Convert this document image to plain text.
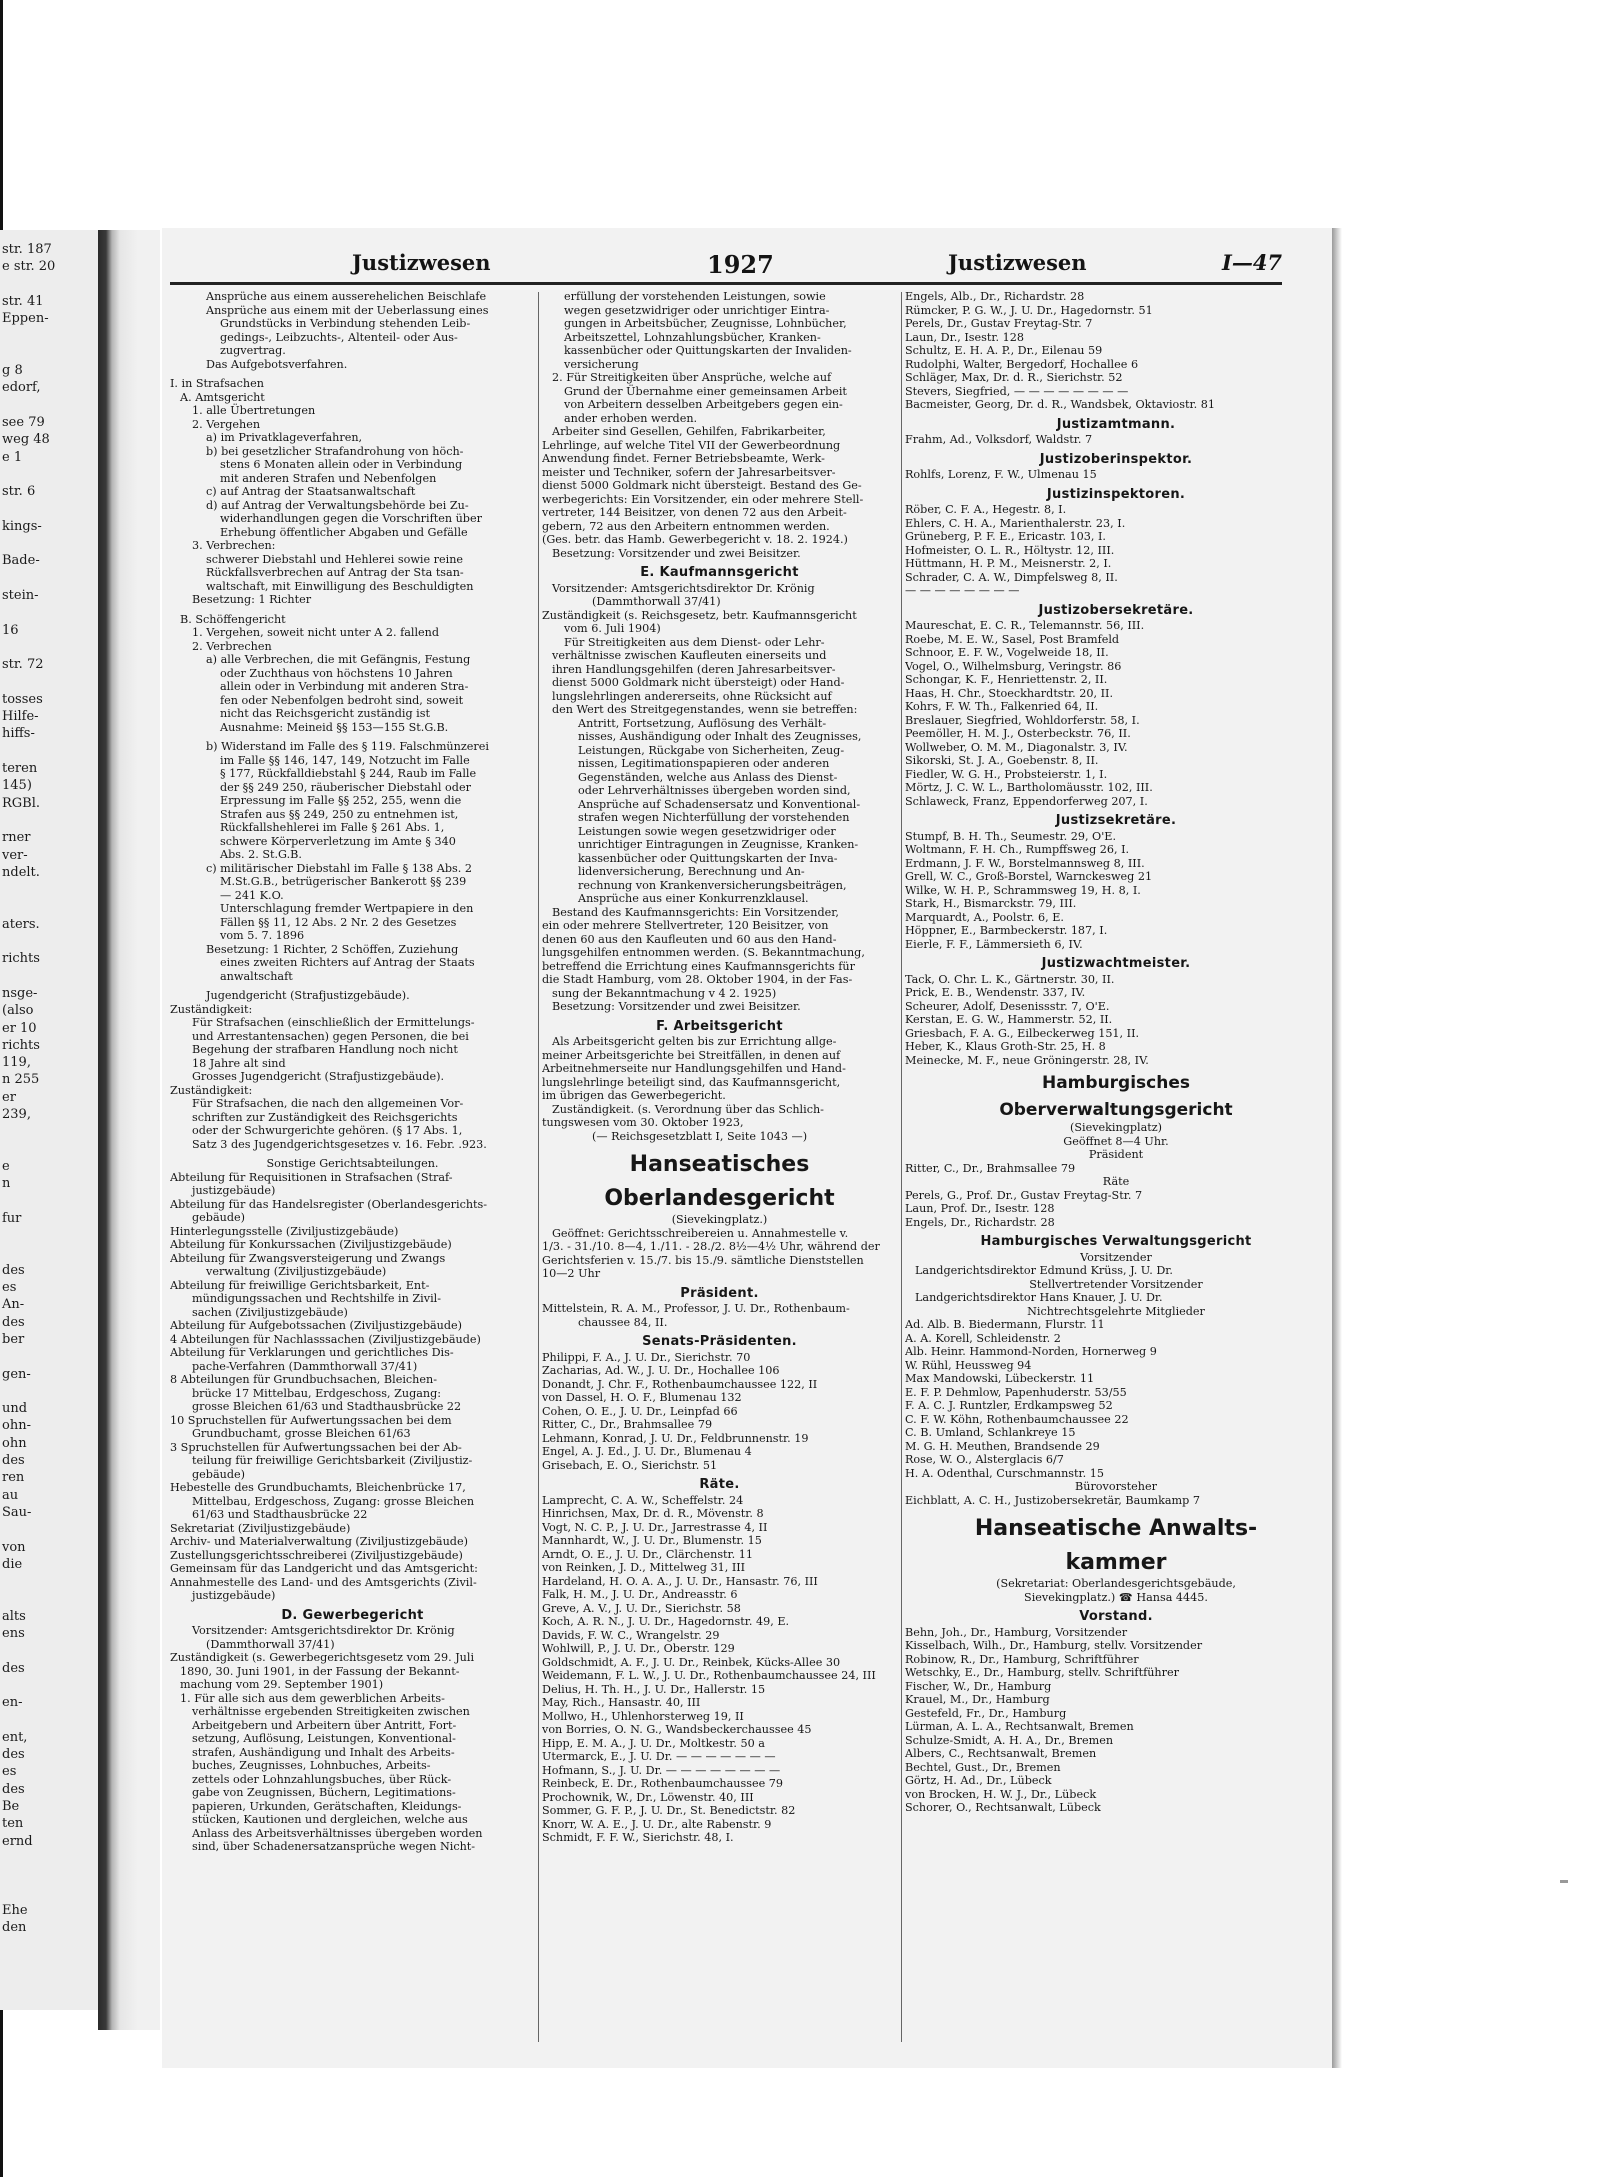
str. 187
e str. 20
str. 41
Eppen-
g 8
edorf,
see 79
weg 48
e 1
str. 6
kings-
Bade-
stein-
16
str. 72
tosses
Hilfe-
hiffs-
teren
145)
RGBl.
rner
ver-
ndelt.
aters.
richts
nsge-
(also
er 10
richts
119,
n 255
er
239,
e
n
fur
des
es
An-
des
ber
gen-
und
ohn-
ohn
des
ren
au
Sau-
von
die
alts
ens
des
en-
ent,
des
es
des
Be
ten
ernd
Ehe
den
Justizwesen	1927	Justizwesen	I—47
Ansprüche aus einem ausserehelichen Beischlafe
Ansprüche aus einem mit der Ueberlassung eines
Grundstücks in Verbindung stehenden Leib-
gedings-, Leibzuchts-, Altenteil- oder Aus-
zugvertrag.
Das Aufgebotsverfahren.
I. in Strafsachen
A. Amtsgericht
1. alle Übertretungen
2. Vergehen
a) im Privatklageverfahren,
b) bei gesetzlicher Strafandrohung von höch-
stens 6 Monaten allein oder in Verbindung
mit anderen Strafen und Nebenfolgen
c) auf Antrag der Staatsanwaltschaft
d) auf Antrag der Verwaltungsbehörde bei Zu-
widerhandlungen gegen die Vorschriften über
Erhebung öffentlicher Abgaben und Gefälle
3. Verbrechen:
schwerer Diebstahl und Hehlerei sowie reine
Rückfallsverbrechen auf Antrag der Sta tsan-
waltschaft, mit Einwilligung des Beschuldigten
Besetzung: 1 Richter
B. Schöffengericht
1. Vergehen, soweit nicht unter A 2. fallend
2. Verbrechen
a) alle Verbrechen, die mit Gefängnis, Festung
oder Zuchthaus von höchstens 10 Jahren
allein oder in Verbindung mit anderen Stra-
fen oder Nebenfolgen bedroht sind, soweit
nicht das Reichsgericht zuständig ist
Ausnahme: Meineid §§ 153—155 St.G.B.
b) Widerstand im Falle des § 119. Falschmünzerei
im Falle §§ 146, 147, 149, Notzucht im Falle
§ 177, Rückfalldiebstahl § 244, Raub im Falle
der §§ 249 250, räuberischer Diebstahl oder
Erpressung im Falle §§ 252, 255, wenn die
Strafen aus §§ 249, 250 zu entnehmen ist,
Rückfallshehlerei im Falle § 261 Abs. 1,
schwere Körperverletzung im Amte § 340
Abs. 2. St.G.B.
c) militärischer Diebstahl im Falle § 138 Abs. 2
M.St.G.B., betrügerischer Bankerott §§ 239
— 241 K.O.
Unterschlagung fremder Wertpapiere in den
Fällen §§ 11, 12 Abs. 2 Nr. 2 des Gesetzes
vom 5. 7. 1896
Besetzung: 1 Richter, 2 Schöffen, Zuziehung
eines zweiten Richters auf Antrag der Staats
anwaltschaft
Jugendgericht (Strafjustizgebäude).
Zuständigkeit:
Für Strafsachen (einschließlich der Ermittelungs-
und Arrestantensachen) gegen Personen, die bei
Begehung der strafbaren Handlung noch nicht
18 Jahre alt sind
Grosses Jugendgericht (Strafjustizgebäude).
Zuständigkeit:
Für Strafsachen, die nach den allgemeinen Vor-
schriften zur Zuständigkeit des Reichsgerichts
oder der Schwurgerichte gehören. (§ 17 Abs. 1,
Satz 3 des Jugendgerichtsgesetzes v. 16. Febr. .923.
Sonstige Gerichtsabteilungen.
Abteilung für Requisitionen in Strafsachen (Straf-
justizgebäude)
Abteilung für das Handelsregister (Oberlandesgerichts-
gebäude)
Hinterlegungsstelle (Ziviljustizgebäude)
Abteilung für Konkurssachen (Ziviljustizgebäude)
Abteilung für Zwangsversteigerung und Zwangs
verwaltung (Ziviljustizgebäude)
Abteilung für freiwillige Gerichtsbarkeit, Ent-
mündigungssachen und Rechtshilfe in Zivil-
sachen (Ziviljustizgebäude)
Abteilung für Aufgebotssachen (Ziviljustizgebäude)
4 Abteilungen für Nachlasssachen (Ziviljustizgebäude)
Abteilung für Verklarungen und gerichtliches Dis-
pache-Verfahren (Dammthorwall 37/41)
8 Abteilungen für Grundbuchsachen, Bleichen-
brücke 17 Mittelbau, Erdgeschoss, Zugang:
grosse Bleichen 61/63 und Stadthausbrücke 22
10 Spruchstellen für Aufwertungssachen bei dem
Grundbuchamt, grosse Bleichen 61/63
3 Spruchstellen für Aufwertungssachen bei der Ab-
teilung für freiwillige Gerichtsbarkeit (Ziviljustiz-
gebäude)
Hebestelle des Grundbuchamts, Bleichenbrücke 17,
Mittelbau, Erdgeschoss, Zugang: grosse Bleichen
61/63 und Stadthausbrücke 22
Sekretariat (Ziviljustizgebäude)
Archiv- und Materialverwaltung (Ziviljustizgebäude)
Zustellungsgerichtsschreiberei (Ziviljustizgebäude)
Gemeinsam für das Landgericht und das Amtsgericht:
Annahmestelle des Land- und des Amtsgerichts (Zivil-
justizgebäude)
D. Gewerbegericht
Vorsitzender: Amtsgerichtsdirektor Dr. Krönig
(Dammthorwall 37/41)
Zuständigkeit (s. Gewerbegerichtsgesetz vom 29. Juli
1890, 30. Juni 1901, in der Fassung der Bekannt-
machung vom 29. September 1901)
1. Für alle sich aus dem gewerblichen Arbeits-
verhältnisse ergebenden Streitigkeiten zwischen
Arbeitgebern und Arbeitern über Antritt, Fort-
setzung, Auflösung, Leistungen, Konventional-
strafen, Aushändigung und Inhalt des Arbeits-
buches, Zeugnisses, Lohnbuches, Arbeits-
zettels oder Lohnzahlungsbuches, über Rück-
gabe von Zeugnissen, Büchern, Legitimations-
papieren, Urkunden, Gerätschaften, Kleidungs-
stücken, Kautionen und dergleichen, welche aus
Anlass des Arbeitsverhältnisses übergeben worden
sind, über Schadenersatzansprüche wegen Nicht-
erfüllung der vorstehenden Leistungen, sowie
wegen gesetzwidriger oder unrichtiger Eintra-
gungen in Arbeitsbücher, Zeugnisse, Lohnbücher,
Arbeitszettel, Lohnzahlungsbücher, Kranken-
kassenbücher oder Quittungskarten der Invaliden-
versicherung
2. Für Streitigkeiten über Ansprüche, welche auf
Grund der Übernahme einer gemeinsamen Arbeit
von Arbeitern desselben Arbeitgebers gegen ein-
ander erhoben werden.
Arbeiter sind Gesellen, Gehilfen, Fabrikarbeiter,
Lehrlinge, auf welche Titel VII der Gewerbeordnung
Anwendung findet. Ferner Betriebsbeamte, Werk-
meister und Techniker, sofern der Jahresarbeitsver-
dienst 5000 Goldmark nicht übersteigt. Bestand des Ge-
werbegerichts: Ein Vorsitzender, ein oder mehrere Stell-
vertreter, 144 Beisitzer, von denen 72 aus den Arbeit-
gebern, 72 aus den Arbeitern entnommen werden.
(Ges. betr. das Hamb. Gewerbegericht v. 18. 2. 1924.)
Besetzung: Vorsitzender und zwei Beisitzer.
E. Kaufmannsgericht
Vorsitzender: Amtsgerichtsdirektor Dr. Krönig
(Dammthorwall 37/41)
Zuständigkeit (s. Reichsgesetz, betr. Kaufmannsgericht
vom 6. Juli 1904)
Für Streitigkeiten aus dem Dienst- oder Lehr-
verhältnisse zwischen Kaufleuten einerseits und
ihren Handlungsgehilfen (deren Jahresarbeitsver-
dienst 5000 Goldmark nicht übersteigt) oder Hand-
lungslehrlingen andererseits, ohne Rücksicht auf
den Wert des Streitgegenstandes, wenn sie betreffen:
Antritt, Fortsetzung, Auflösung des Verhält-
nisses, Aushändigung oder Inhalt des Zeugnisses,
Leistungen, Rückgabe von Sicherheiten, Zeug-
nissen, Legitimationspapieren oder anderen
Gegenständen, welche aus Anlass des Dienst-
oder Lehrverhältnisses übergeben worden sind,
Ansprüche auf Schadensersatz und Konventional-
strafen wegen Nichterfüllung der vorstehenden
Leistungen sowie wegen gesetzwidriger oder
unrichtiger Eintragungen in Zeugnisse, Kranken-
kassenbücher oder Quittungskarten der Inva-
lidenversicherung, Berechnung und An-
rechnung von Krankenversicherungsbeiträgen,
Ansprüche aus einer Konkurrenzklausel.
Bestand des Kaufmannsgerichts: Ein Vorsitzender,
ein oder mehrere Stellvertreter, 120 Beisitzer, von
denen 60 aus den Kaufleuten und 60 aus den Hand-
lungsgehilfen entnommen werden. (S. Bekanntmachung,
betreffend die Errichtung eines Kaufmannsgerichts für
die Stadt Hamburg, vom 28. Oktober 1904, in der Fas-
sung der Bekanntmachung v 4 2. 1925)
Besetzung: Vorsitzender und zwei Beisitzer.
F. Arbeitsgericht
Als Arbeitsgericht gelten bis zur Errichtung allge-
meiner Arbeitsgerichte bei Streitfällen, in denen auf
Arbeitnehmerseite nur Handlungsgehilfen und Hand-
lungslehrlinge beteiligt sind, das Kaufmannsgericht,
im übrigen das Gewerbegericht.
Zuständigkeit. (s. Verordnung über das Schlich-
tungswesen vom 30. Oktober 1923,
(— Reichsgesetzblatt I, Seite 1043 —)
Hanseatisches
Oberlandesgericht
(Sievekingplatz.)
Geöffnet: Gerichtsschreibereien u. Annahmestelle v.
1/3. - 31./10. 8—4, 1./11. - 28./2. 8½—4½ Uhr, während der
Gerichtsferien v. 15./7. bis 15./9. sämtliche Dienststellen
10—2 Uhr
Präsident.
Mittelstein, R. A. M., Professor, J. U. Dr., Rothenbaum-
chaussee 84, II.
Senats-Präsidenten.
Philippi, F. A., J. U. Dr., Sierichstr. 70
Zacharias, Ad. W., J. U. Dr., Hochallee 106
Donandt, J. Chr. F., Rothenbaumchaussee 122, II
von Dassel, H. O. F., Blumenau 132
Cohen, O. E., J. U. Dr., Leinpfad 66
Ritter, C., Dr., Brahmsallee 79
Lehmann, Konrad, J. U. Dr., Feldbrunnenstr. 19
Engel, A. J. Ed., J. U. Dr., Blumenau 4
Grisebach, E. O., Sierichstr. 51
Räte.
Lamprecht, C. A. W., Scheffelstr. 24
Hinrichsen, Max, Dr. d. R., Mövenstr. 8
Vogt, N. C. P., J. U. Dr., Jarrestrasse 4, II
Mannhardt, W., J. U. Dr., Blumenstr. 15
Arndt, O. E., J. U. Dr., Clärchenstr. 11
von Reinken, J. D., Mittelweg 31, III
Hardeland, H. O. A. A., J. U. Dr., Hansastr. 76, III
Falk, H. M., J. U. Dr., Andreasstr. 6
Greve, A. V., J. U. Dr., Sierichstr. 58
Koch, A. R. N., J. U. Dr., Hagedornstr. 49, E.
Davids, F. W. C., Wrangelstr. 29
Wohlwill, P., J. U. Dr., Oberstr. 129
Goldschmidt, A. F., J. U. Dr., Reinbek, Kücks-Allee 30
Weidemann, F. L. W., J. U. Dr., Rothenbaumchaussee 24, III
Delius, H. Th. H., J. U. Dr., Hallerstr. 15
May, Rich., Hansastr. 40, III
Mollwo, H., Uhlenhorsterweg 19, II
von Borries, O. N. G., Wandsbeckerchaussee 45
Hipp, E. M. A., J. U. Dr., Moltkestr. 50 a
Utermarck, E., J. U. Dr. — — — — — — —
Hofmann, S., J. U. Dr. — — — — — — — —
Reinbeck, E. Dr., Rothenbaumchaussee 79
Prochownik, W., Dr., Löwenstr. 40, III
Sommer, G. F. P., J. U. Dr., St. Benedictstr. 82
Knorr, W. A. E., J. U. Dr., alte Rabenstr. 9
Schmidt, F. F. W., Sierichstr. 48, I.
Engels, Alb., Dr., Richardstr. 28
Rümcker, P. G. W., J. U. Dr., Hagedornstr. 51
Perels, Dr., Gustav Freytag-Str. 7
Laun, Dr., Isestr. 128
Schultz, E. H. A. P., Dr., Eilenau 59
Rudolphi, Walter, Bergedorf, Hochallee 6
Schläger, Max, Dr. d. R., Sierichstr. 52
Stevers, Siegfried, — — — — — — — —
Bacmeister, Georg, Dr. d. R., Wandsbek, Oktaviostr. 81
Justizamtmann.
Frahm, Ad., Volksdorf, Waldstr. 7
Justizoberinspektor.
Rohlfs, Lorenz, F. W., Ulmenau 15
Justizinspektoren.
Röber, C. F. A., Hegestr. 8, I.
Ehlers, C. H. A., Marienthalerstr. 23, I.
Grüneberg, P. F. E., Ericastr. 103, I.
Hofmeister, O. L. R., Höltystr. 12, III.
Hüttmann, H. P. M., Meisnerstr. 2, I.
Schrader, C. A. W., Dimpfelsweg 8, II.
— — — — — — — —
Justizobersekretäre.
Maureschat, E. C. R., Telemannstr. 56, III.
Roebe, M. E. W., Sasel, Post Bramfeld
Schnoor, E. F. W., Vogelweide 18, II.
Vogel, O., Wilhelmsburg, Veringstr. 86
Schongar, K. F., Henriettenstr. 2, II.
Haas, H. Chr., Stoeckhardtstr. 20, II.
Kohrs, F. W. Th., Falkenried 64, II.
Breslauer, Siegfried, Wohldorferstr. 58, I.
Peemöller, H. M. J., Osterbeckstr. 76, II.
Wollweber, O. M. M., Diagonalstr. 3, IV.
Sikorski, St. J. A., Goebenstr. 8, II.
Fiedler, W. G. H., Probsteierstr. 1, I.
Mörtz, J. C. W. L., Bartholomäusstr. 102, III.
Schlaweck, Franz, Eppendorferweg 207, I.
Justizsekretäre.
Stumpf, B. H. Th., Seumestr. 29, O'E.
Woltmann, F. H. Ch., Rumpffsweg 26, I.
Erdmann, J. F. W., Borstelmannsweg 8, III.
Grell, W. C., Groß-Borstel, Warnckesweg 21
Wilke, W. H. P., Schrammsweg 19, H. 8, I.
Stark, H., Bismarckstr. 79, III.
Marquardt, A., Poolstr. 6, E.
Höppner, E., Barmbeckerstr. 187, I.
Eierle, F. F., Lämmersieth 6, IV.
Justizwachtmeister.
Tack, O. Chr. L. K., Gärtnerstr. 30, II.
Prick, E. B., Wendenstr. 337, IV.
Scheurer, Adolf, Desenissstr. 7, O'E.
Kerstan, E. G. W., Hammerstr. 52, II.
Griesbach, F. A. G., Eilbeckerweg 151, II.
Heber, K., Klaus Groth-Str. 25, H. 8
Meinecke, M. F., neue Gröningerstr. 28, IV.
Hamburgisches
Oberverwaltungsgericht
(Sievekingplatz)
Geöffnet 8—4 Uhr.
Präsident
Ritter, C., Dr., Brahmsallee 79
Räte
Perels, G., Prof. Dr., Gustav Freytag-Str. 7
Laun, Prof. Dr., Isestr. 128
Engels, Dr., Richardstr. 28
Hamburgisches Verwaltungsgericht
Vorsitzender
Landgerichtsdirektor Edmund Krüss, J. U. Dr.
Stellvertretender Vorsitzender
Landgerichtsdirektor Hans Knauer, J. U. Dr.
Nichtrechtsgelehrte Mitglieder
Ad. Alb. B. Biedermann, Flurstr. 11
A. A. Korell, Schleidenstr. 2
Alb. Heinr. Hammond-Norden, Hornerweg 9
W. Rühl, Heussweg 94
Max Mandowski, Lübeckerstr. 11
E. F. P. Dehmlow, Papenhuderstr. 53/55
F. A. C. J. Runtzler, Erdkampsweg 52
C. F. W. Köhn, Rothenbaumchaussee 22
C. B. Umland, Schlankreye 15
M. G. H. Meuthen, Brandsende 29
Rose, W. O., Alsterglacis 6/7
H. A. Odenthal, Curschmannstr. 15
Bürovorsteher
Eichblatt, A. C. H., Justizobersekretär, Baumkamp 7
Hanseatische Anwalts-
kammer
(Sekretariat: Oberlandesgerichtsgebäude,
Sievekingplatz.) ☎ Hansa 4445.
Vorstand.
Behn, Joh., Dr., Hamburg, Vorsitzender
Kisselbach, Wilh., Dr., Hamburg, stellv. Vorsitzender
Robinow, R., Dr., Hamburg, Schriftführer
Wetschky, E., Dr., Hamburg, stellv. Schriftführer
Fischer, W., Dr., Hamburg
Krauel, M., Dr., Hamburg
Gestefeld, Fr., Dr., Hamburg
Lürman, A. L. A., Rechtsanwalt, Bremen
Schulze-Smidt, A. H. A., Dr., Bremen
Albers, C., Rechtsanwalt, Bremen
Bechtel, Gust., Dr., Bremen
Görtz, H. Ad., Dr., Lübeck
von Brocken, H. W. J., Dr., Lübeck
Schorer, O., Rechtsanwalt, Lübeck
